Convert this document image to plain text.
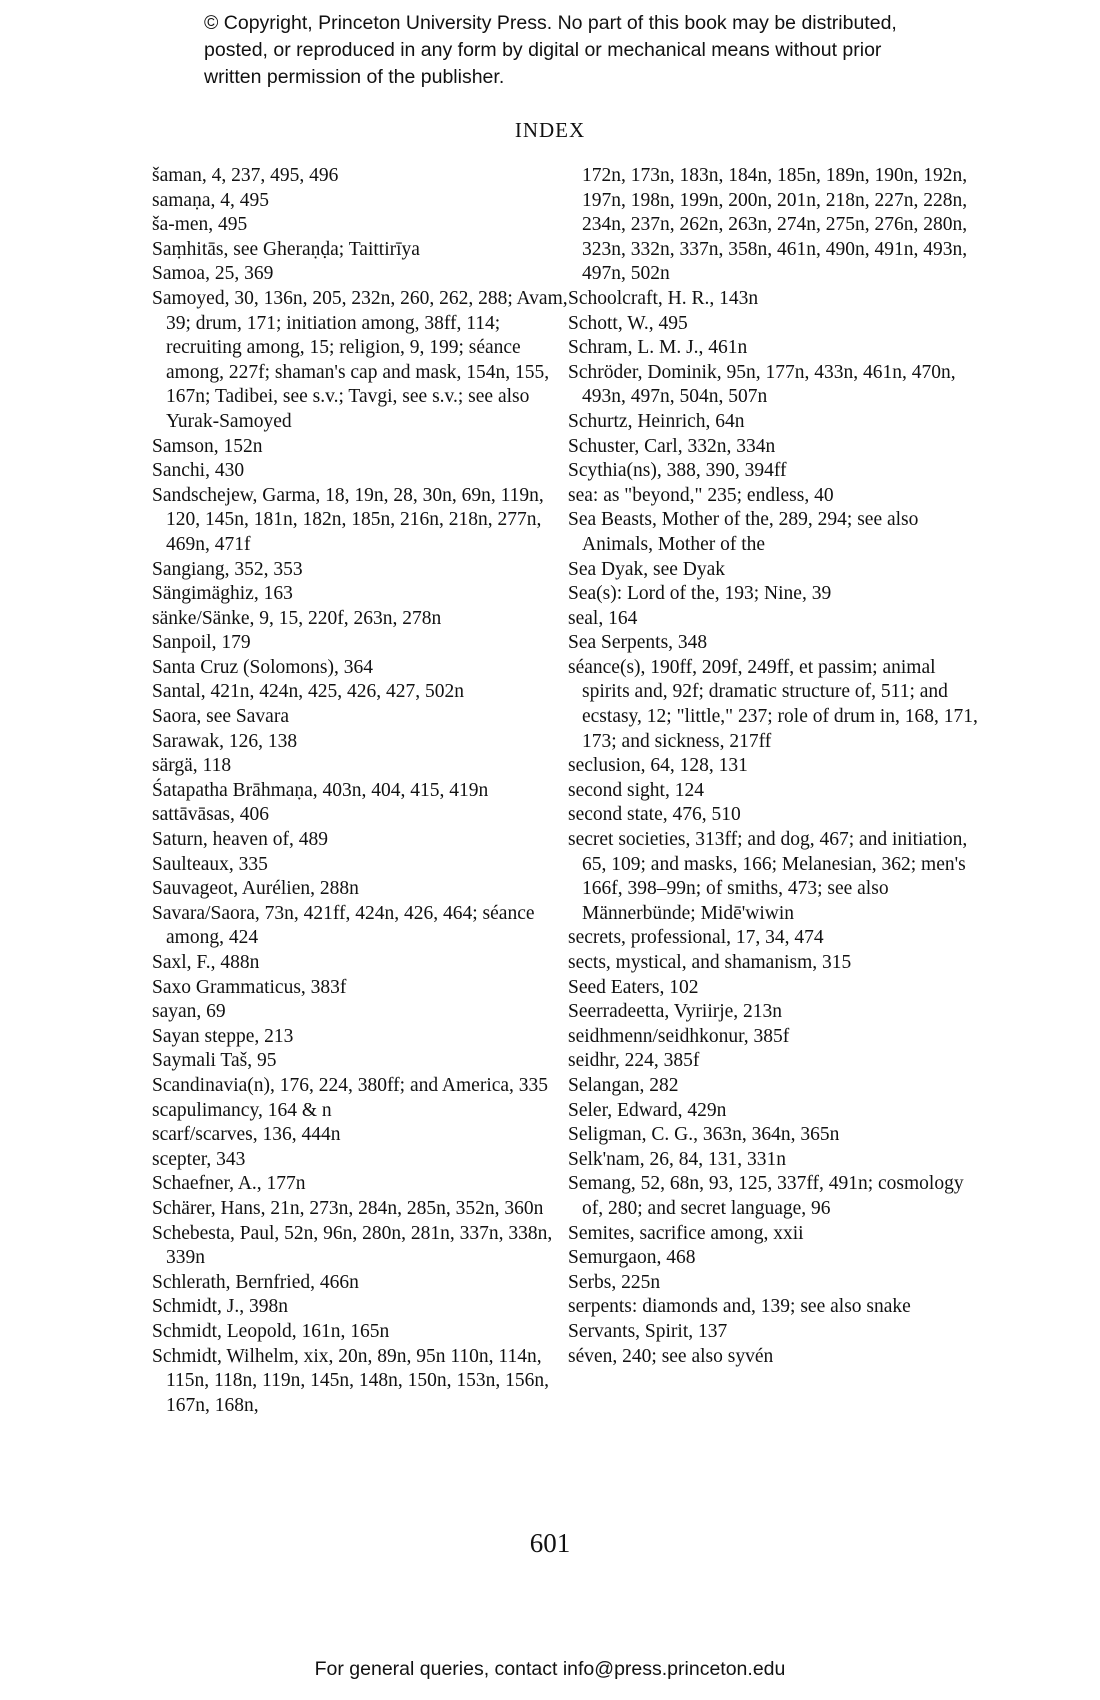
© Copyright, Princeton University Press. No part of this book may be distributed, posted, or reproduced in any form by digital or mechanical means without prior written permission of the publisher.

INDEX

šaman, 4, 237, 495, 496
samaṇa, 4, 495
ša-men, 495
Saṃhitās, see Gheraṇḍa; Taittirīya
Samoa, 25, 369
Samoyed, 30, 136n, 205, 232n, 260, 262, 288; Avam, 39; drum, 171; initiation among, 38ff, 114; recruiting among, 15; religion, 9, 199; séance among, 227f; shaman's cap and mask, 154n, 155, 167n; Tadibei, see s.v.; Tavgi, see s.v.; see also Yurak-Samoyed
Samson, 152n
Sanchi, 430
Sandschejew, Garma, 18, 19n, 28, 30n, 69n, 119n, 120, 145n, 181n, 182n, 185n, 216n, 218n, 277n, 469n, 471f
Sangiang, 352, 353
Sängimäghiz, 163
sänke/Sänke, 9, 15, 220f, 263n, 278n
Sanpoil, 179
Santa Cruz (Solomons), 364
Santal, 421n, 424n, 425, 426, 427, 502n
Saora, see Savara
Sarawak, 126, 138
särgä, 118
Śatapatha Brāhmaṇa, 403n, 404, 415, 419n
sattāvāsas, 406
Saturn, heaven of, 489
Saulteaux, 335
Sauvageot, Aurélien, 288n
Savara/Saora, 73n, 421ff, 424n, 426, 464; séance among, 424
Saxl, F., 488n
Saxo Grammaticus, 383f
sayan, 69
Sayan steppe, 213
Saymali Taš, 95
Scandinavia(n), 176, 224, 380ff; and America, 335
scapulimancy, 164 & n
scarf/scarves, 136, 444n
scepter, 343
Schaefner, A., 177n
Schärer, Hans, 21n, 273n, 284n, 285n, 352n, 360n
Schebesta, Paul, 52n, 96n, 280n, 281n, 337n, 338n, 339n
Schlerath, Bernfried, 466n
Schmidt, J., 398n
Schmidt, Leopold, 161n, 165n
Schmidt, Wilhelm, xix, 20n, 89n, 95n 110n, 114n, 115n, 118n, 119n, 145n, 148n, 150n, 153n, 156n, 167n, 168n,
172n, 173n, 183n, 184n, 185n, 189n, 190n, 192n, 197n, 198n, 199n, 200n, 201n, 218n, 227n, 228n, 234n, 237n, 262n, 263n, 274n, 275n, 276n, 280n, 323n, 332n, 337n, 358n, 461n, 490n, 491n, 493n, 497n, 502n
Schoolcraft, H. R., 143n
Schott, W., 495
Schram, L. M. J., 461n
Schröder, Dominik, 95n, 177n, 433n, 461n, 470n, 493n, 497n, 504n, 507n
Schurtz, Heinrich, 64n
Schuster, Carl, 332n, 334n
Scythia(ns), 388, 390, 394ff
sea: as "beyond," 235; endless, 40
Sea Beasts, Mother of the, 289, 294; see also Animals, Mother of the
Sea Dyak, see Dyak
Sea(s): Lord of the, 193; Nine, 39
seal, 164
Sea Serpents, 348
séance(s), 190ff, 209f, 249ff, et passim; animal spirits and, 92f; dramatic structure of, 511; and ecstasy, 12; "little," 237; role of drum in, 168, 171, 173; and sickness, 217ff
seclusion, 64, 128, 131
second sight, 124
second state, 476, 510
secret societies, 313ff; and dog, 467; and initiation, 65, 109; and masks, 166; Melanesian, 362; men's 166f, 398–99n; of smiths, 473; see also Männerbünde; Midē'wiwin
secrets, professional, 17, 34, 474
sects, mystical, and shamanism, 315
Seed Eaters, 102
Seerradeetta, Vyriirje, 213n
seidhmenn/seidhkonur, 385f
seidhr, 224, 385f
Selangan, 282
Seler, Edward, 429n
Seligman, C. G., 363n, 364n, 365n
Selk'nam, 26, 84, 131, 331n
Semang, 52, 68n, 93, 125, 337ff, 491n; cosmology of, 280; and secret language, 96
Semites, sacrifice among, xxii
Semurgaon, 468
Serbs, 225n
serpents: diamonds and, 139; see also snake
Servants, Spirit, 137
séven, 240; see also syvén

601

For general queries, contact info@press.princeton.edu
